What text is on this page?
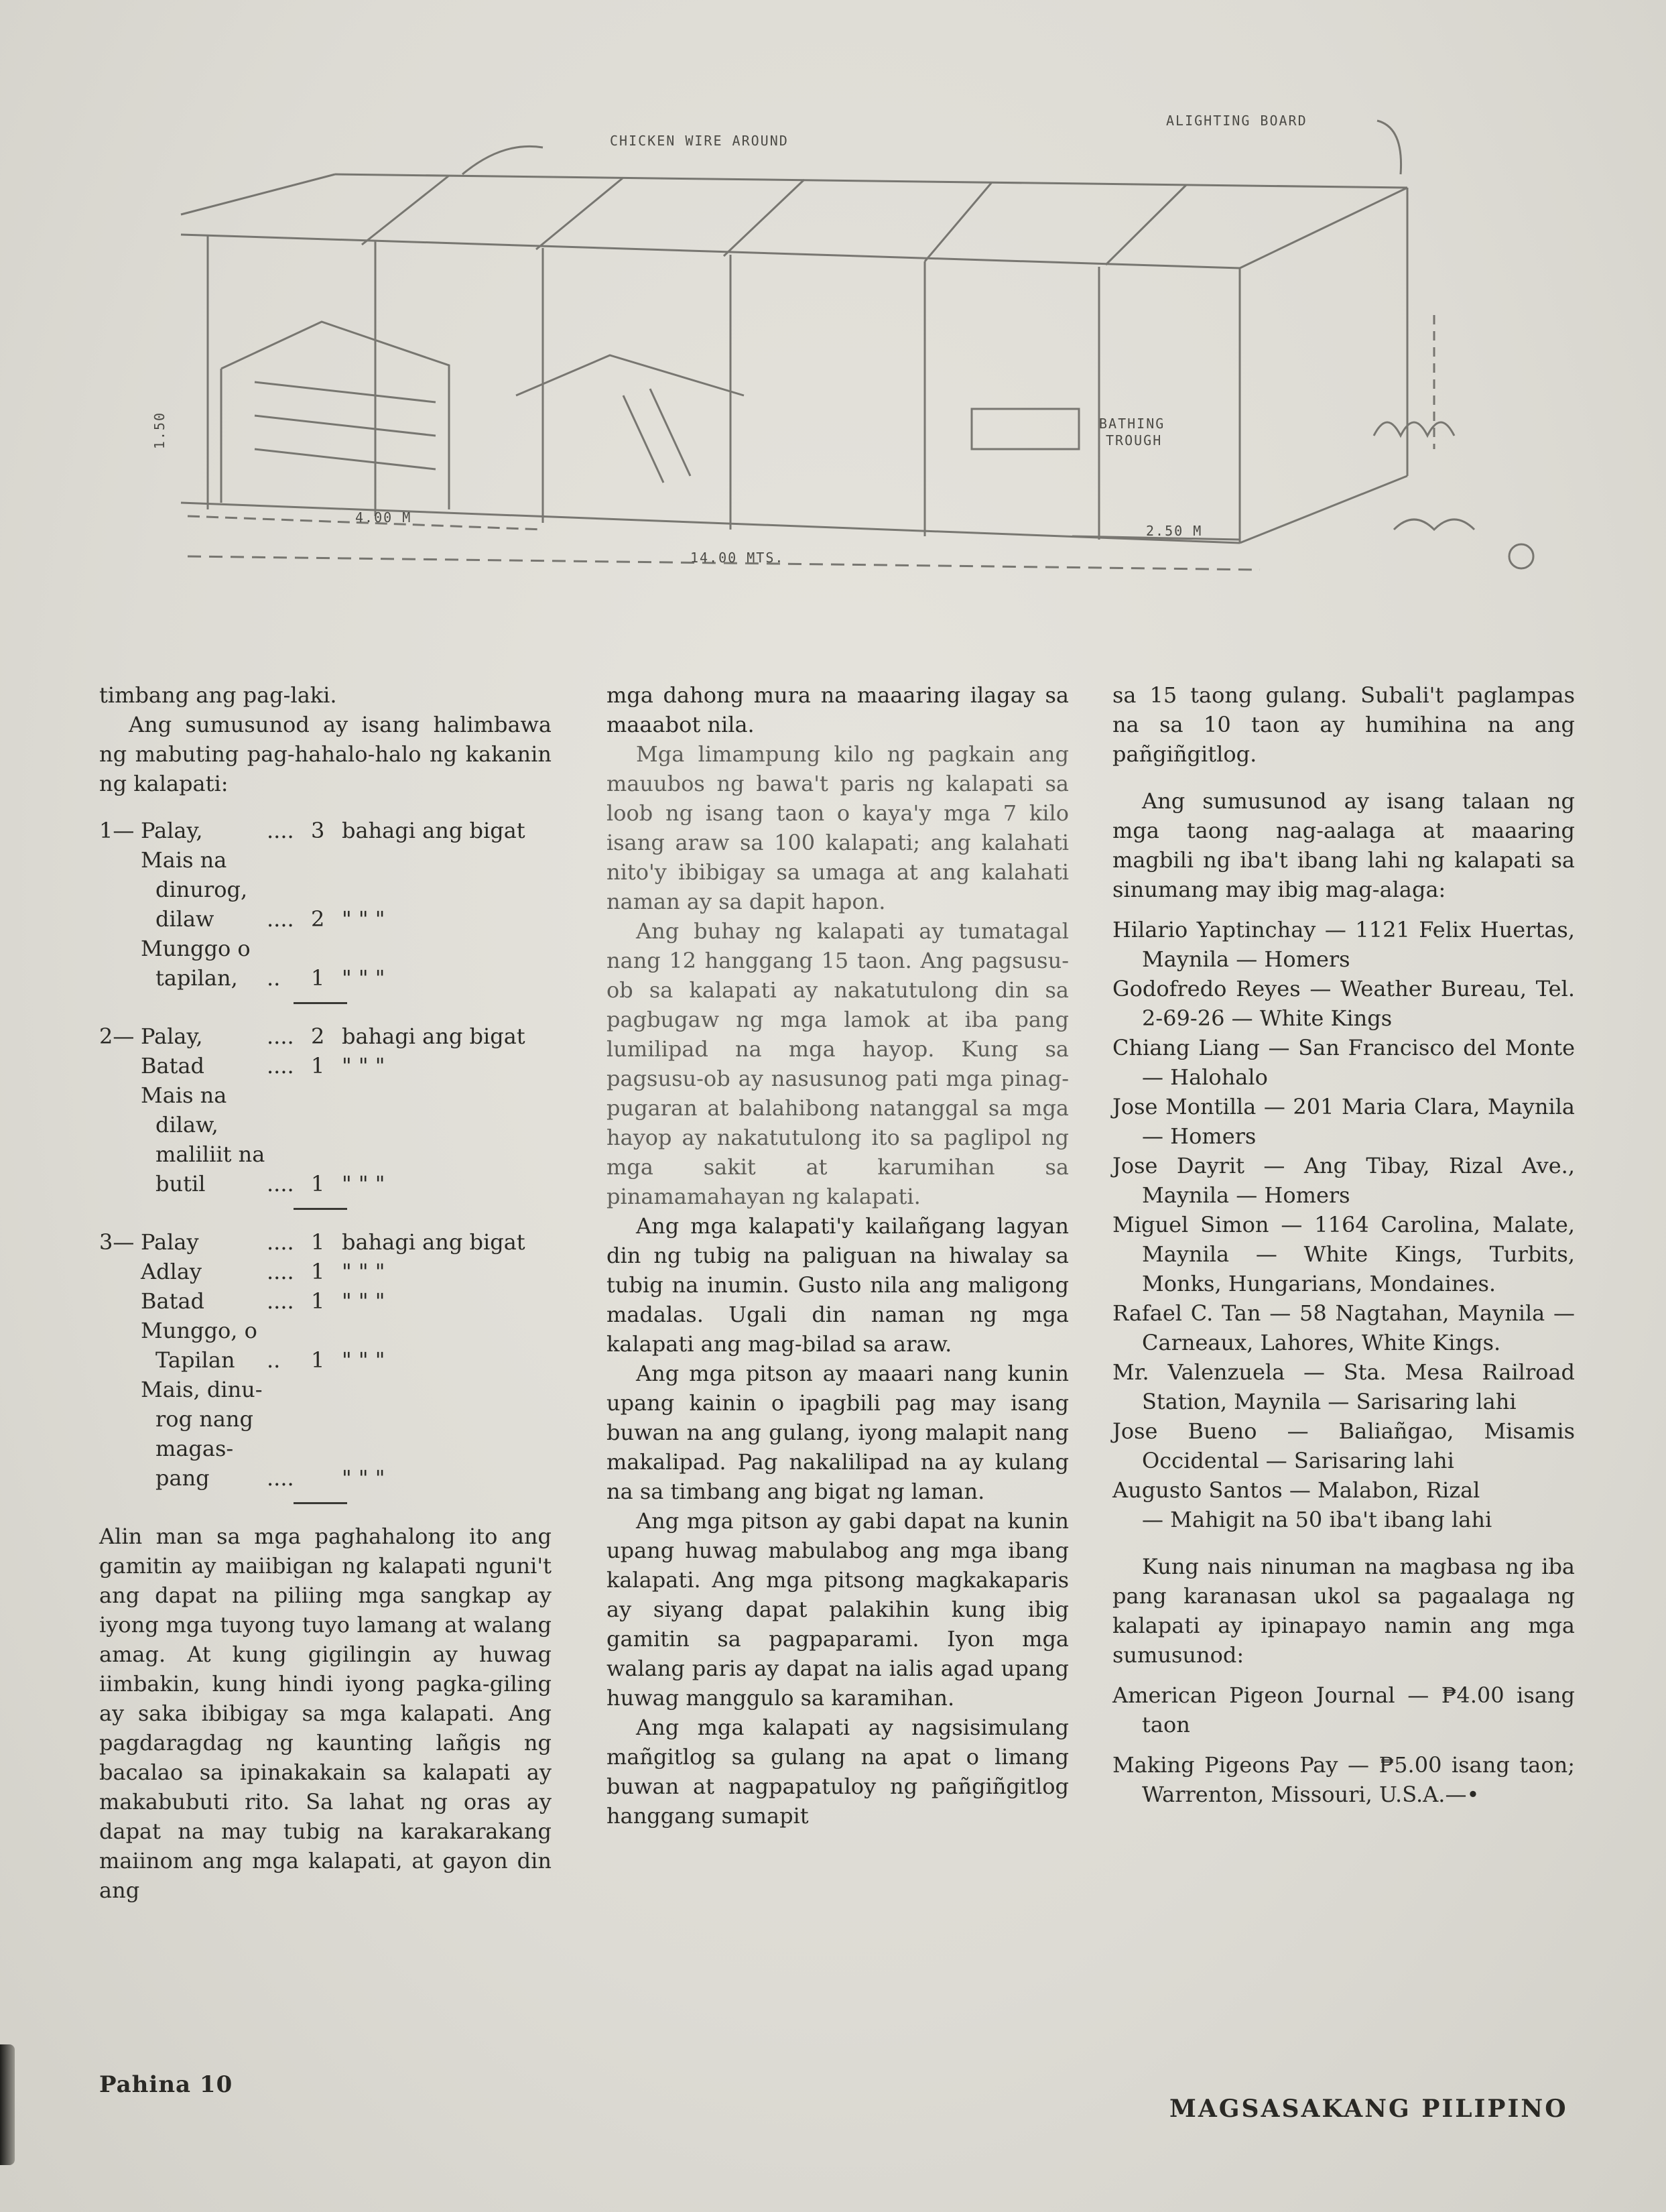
CHICKEN WIRE AROUND
ALIGHTING BOARD
BATHING
TROUGH
4.00 M
14.00 MTS.
2.50 M
1.50

timbang ang pag-laki.

Ang sumusunod ay isang halimbawa ng mabuting pag-hahalo-halo ng kakanin ng kalapati:

1— Palay,	.... 3 bahagi ang bigat
Mais na
dinurog,
dilaw .... 2 " " "
Munggo o
tapilan, .. 1 " " "
2— Palay,	.... 2 bahagi ang bigat
Batad	.... 1 " " "
Mais na
dilaw,
maliliit na
butil	.... 1 " " "
3— Palay	.... 1 bahagi ang bigat
Adlay	.... 1 " " "
Batad	.... 1 " " "
Munggo, o
Tapilan .. 1 " " "
Mais, dinu-
rog nang
magas-
pang	.... " " "

Alin man sa mga paghahalong ito ang gamitin ay maiibigan ng kalapati nguni't ang dapat na piliing mga sangkap ay iyong mga tuyong tuyo lamang at walang amag. At kung gigilingin ay huwag iimbakin, kung hindi iyong pagka-giling ay saka ibibigay sa mga kalapati. Ang pagdaragdag ng kaunting lañgis ng bacalao sa ipinakakain sa kalapati ay makabubuti rito. Sa lahat ng oras ay dapat na may tubig na karakarakang maiinom ang mga kalapati, at gayon din ang

mga dahong mura na maaaring ilagay sa maaabot nila.

Mga limampung kilo ng pagkain ang mauubos ng bawa't paris ng kalapati sa loob ng isang taon o kaya'y mga 7 kilo isang araw sa 100 kalapati; ang kalahati nito'y ibibigay sa umaga at ang kalahati naman ay sa dapit hapon.

Ang buhay ng kalapati ay tumatagal nang 12 hanggang 15 taon. Ang pagsusu-ob sa kalapati ay nakatutulong din sa pagbugaw ng mga lamok at iba pang lumilipad na mga hayop. Kung sa pagsusu-ob ay nasusunog pati mga pinag-pugaran at balahibong natanggal sa mga hayop ay nakatutulong ito sa paglipol ng mga sakit at karumihan sa pinamamahayan ng kalapati.

Ang mga kalapati'y kailañgang lagyan din ng tubig na paliguan na hiwalay sa tubig na inumin. Gusto nila ang maligong madalas. Ugali din naman ng mga kalapati ang mag-bilad sa araw.

Ang mga pitson ay maaari nang kunin upang kainin o ipagbili pag may isang buwan na ang gulang, iyong malapit nang makalipad. Pag nakalilipad na ay kulang na sa timbang ang bigat ng laman.

Ang mga pitson ay gabi dapat na kunin upang huwag mabulabog ang mga ibang kalapati. Ang mga pitsong magkakaparis ay siyang dapat palakihin kung ibig gamitin sa pagpaparami. Iyon mga walang paris ay dapat na ialis agad upang huwag manggulo sa karamihan.

Ang mga kalapati ay nagsisimulang mañgitlog sa gulang na apat o limang buwan at nagpapatuloy ng pañgiñgitlog hanggang sumapit

sa 15 taong gulang. Subali't paglampas na sa 10 taon ay humihina na ang pañgiñgitlog.

Ang sumusunod ay isang talaan ng mga taong nag-aalaga at maaaring magbili ng iba't ibang lahi ng kalapati sa sinumang may ibig mag-alaga:

Hilario Yaptinchay — 1121 Felix Huertas, Maynila — Homers

Godofredo Reyes — Weather Bureau, Tel. 2-69-26 — White Kings

Chiang Liang — San Francisco del Monte — Halohalo

Jose Montilla — 201 Maria Clara, Maynila — Homers

Jose Dayrit — Ang Tibay, Rizal Ave., Maynila — Homers

Miguel Simon — 1164 Carolina, Malate, Maynila — White Kings, Turbits, Monks, Hungarians, Mondaines.

Rafael C. Tan — 58 Nagtahan, Maynila — Carneaux, Lahores, White Kings.

Mr. Valenzuela — Sta. Mesa Railroad Station, Maynila — Sarisaring lahi

Jose Bueno — Baliañgao, Misamis Occidental — Sarisaring lahi

Augusto Santos — Malabon, Rizal

— Mahigit na 50 iba't ibang lahi

Kung nais ninuman na magbasa ng iba pang karanasan ukol sa pagaalaga ng kalapati ay ipinapayo namin ang mga sumusunod:

American Pigeon Journal — ₱4.00 isang taon

Making Pigeons Pay — ₱5.00 isang taon; Warrenton, Missouri, U.S.A.—•

Pahina 10
MAGSASAKANG PILIPINO
